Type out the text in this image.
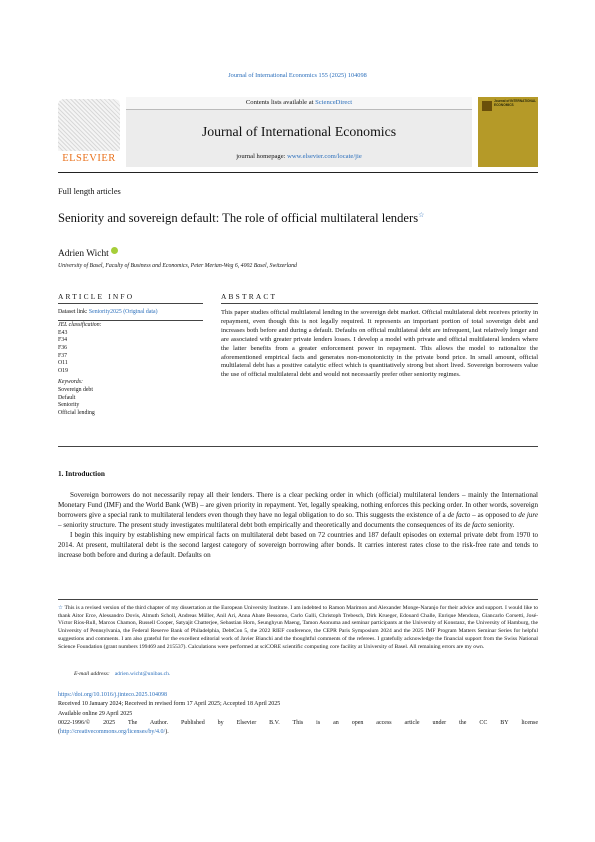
Journal of International Economics 155 (2025) 104098
ELSEVIER
Contents lists available at ScienceDirect
Journal of International Economics
journal homepage: www.elsevier.com/locate/jie
Journal of INTERNATIONAL ECONOMICS
Full length articles
Seniority and sovereign default: The role of official multilateral lenders☆
Adrien Wicht
University of Basel, Faculty of Business and Economics, Peter Merian-Weg 6, 4002 Basel, Switzerland
ARTICLE INFO	ABSTRACT
Dataset link: Seniority2025 (Original data)
JEL classification:
E43
F34
F36
F37
O11
O19
Keywords:
Sovereign debt
Default
Seniority
Official lending
This paper studies official multilateral lending in the sovereign debt market. Official multilateral debt receives priority in repayment, even though this is not legally required. It represents an important portion of total sovereign debt and increases both before and during a default. Defaults on official multilateral debt are infrequent, last relatively longer and are associated with greater private lenders losses. I develop a model with private and official multilateral lenders where the latter benefits from a greater enforcement power in repayment. This allows the model to rationalize the aforementioned empirical facts and generates non-monotonicity in the private bond price. In small amount, official multilateral debt has a positive catalytic effect which is quantitatively strong but short lived. Sovereign borrowers value the use of official multilateral debt and would not necessarily prefer other seniority regimes.
1. Introduction

Sovereign borrowers do not necessarily repay all their lenders. There is a clear pecking order in which (official) multilateral lenders – mainly the International Monetary Fund (IMF) and the World Bank (WB) – are given priority in repayment. Yet, legally speaking, nothing enforces this pecking order. In other words, sovereign borrowers give a special rank to multilateral lenders even though they have no legal obligation to do so. This suggests the existence of a de facto – as opposed to de jure – seniority structure. The present study investigates multilateral debt both empirically and theoretically and documents the consequences of its de facto seniority.

I begin this inquiry by establishing new empirical facts on multilateral debt based on 72 countries and 187 default episodes on external private debt from 1970 to 2014. At present, multilateral debt is the second largest category of sovereign borrowing after bonds. It carries interest rates close to the risk-free rate and tends to increase both before and during a default. Defaults on

☆ This is a revised version of the third chapter of my dissertation at the European University Institute. I am indebted to Ramon Marimon and Alexander Monge-Naranjo for their advice and support. I would like to thank Aitor Erce, Alessandro Dovis, Almuth Scholl, Andreas Müller, Anil Ari, Anna Abate Bessomo, Carlo Galli, Christoph Trebesch, Dirk Krueger, Edouard Challe, Enrique Mendoza, Giancarlo Corsetti, José-Víctor Ríos-Rull, Marcos Chamon, Russell Cooper, Satyajit Chatterjee, Sebastian Horn, Seunghyun Maeng, Tamon Asonuma and seminar participants at the University of Konstanz, the University of Hamburg, the University of Pennsylvania, the Federal Reserve Bank of Philadelphia, DebtCon 5, the 2022 RIEF conference, the CEPR Paris Symposium 2024 and the 2025 IMF Program Matters Seminar Series for helpful suggestions and comments. I am also grateful for the excellent editorial work of Javier Bianchi and the thoughtful comments of the referees. I gratefully acknowledge the financial support from the Swiss National Science Foundation (grant numbers 199469 and 215537). Calculations were performed at sciCORE scientific computing core facility at University of Basel. All remaining errors are my own.
E-mail address: adrien.wicht@unibas.ch.
https://doi.org/10.1016/j.jinteco.2025.104098
Received 10 January 2024; Received in revised form 17 April 2025; Accepted 18 April 2025
Available online 29 April 2025
0022-1996/© 2025 The Author. Published by Elsevier B.V. This is an open access article under the CC BY license
(http://creativecommons.org/licenses/by/4.0/).
